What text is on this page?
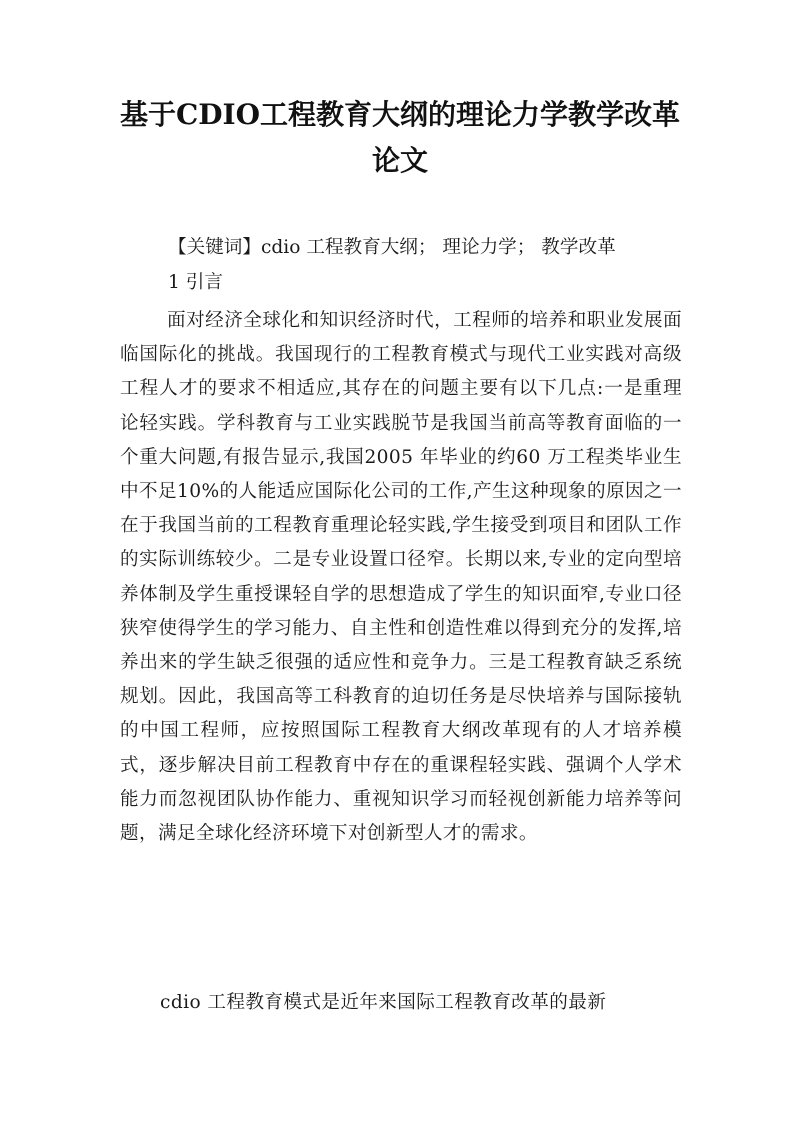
基于CDIO工程教育大纲的理论力学教学改革论文

【关键词】cdio 工程教育大纲； 理论力学； 教学改革

1 引言

面对经济全球化和知识经济时代，工程师的培养和职业发展面临国际化的挑战。我国现行的工程教育模式与现代工业实践对高级工程人才的要求不相适应,其存在的问题主要有以下几点:一是重理论轻实践。学科教育与工业实践脱节是我国当前高等教育面临的一个重大问题,有报告显示,我国2005 年毕业的约60 万工程类毕业生中不足10%的人能适应国际化公司的工作,产生这种现象的原因之一在于我国当前的工程教育重理论轻实践,学生接受到项目和团队工作的实际训练较少。二是专业设置口径窄。长期以来,专业的定向型培养体制及学生重授课轻自学的思想造成了学生的知识面窄,专业口径狭窄使得学生的学习能力、自主性和创造性难以得到充分的发挥,培养出来的学生缺乏很强的适应性和竞争力。三是工程教育缺乏系统规划。因此，我国高等工科教育的迫切任务是尽快培养与国际接轨的中国工程师，应按照国际工程教育大纲改革现有的人才培养模式，逐步解决目前工程教育中存在的重课程轻实践、强调个人学术能力而忽视团队协作能力、重视知识学习而轻视创新能力培养等问题，满足全球化经济环境下对创新型人才的需求。

cdio 工程教育模式是近年来国际工程教育改革的最新
